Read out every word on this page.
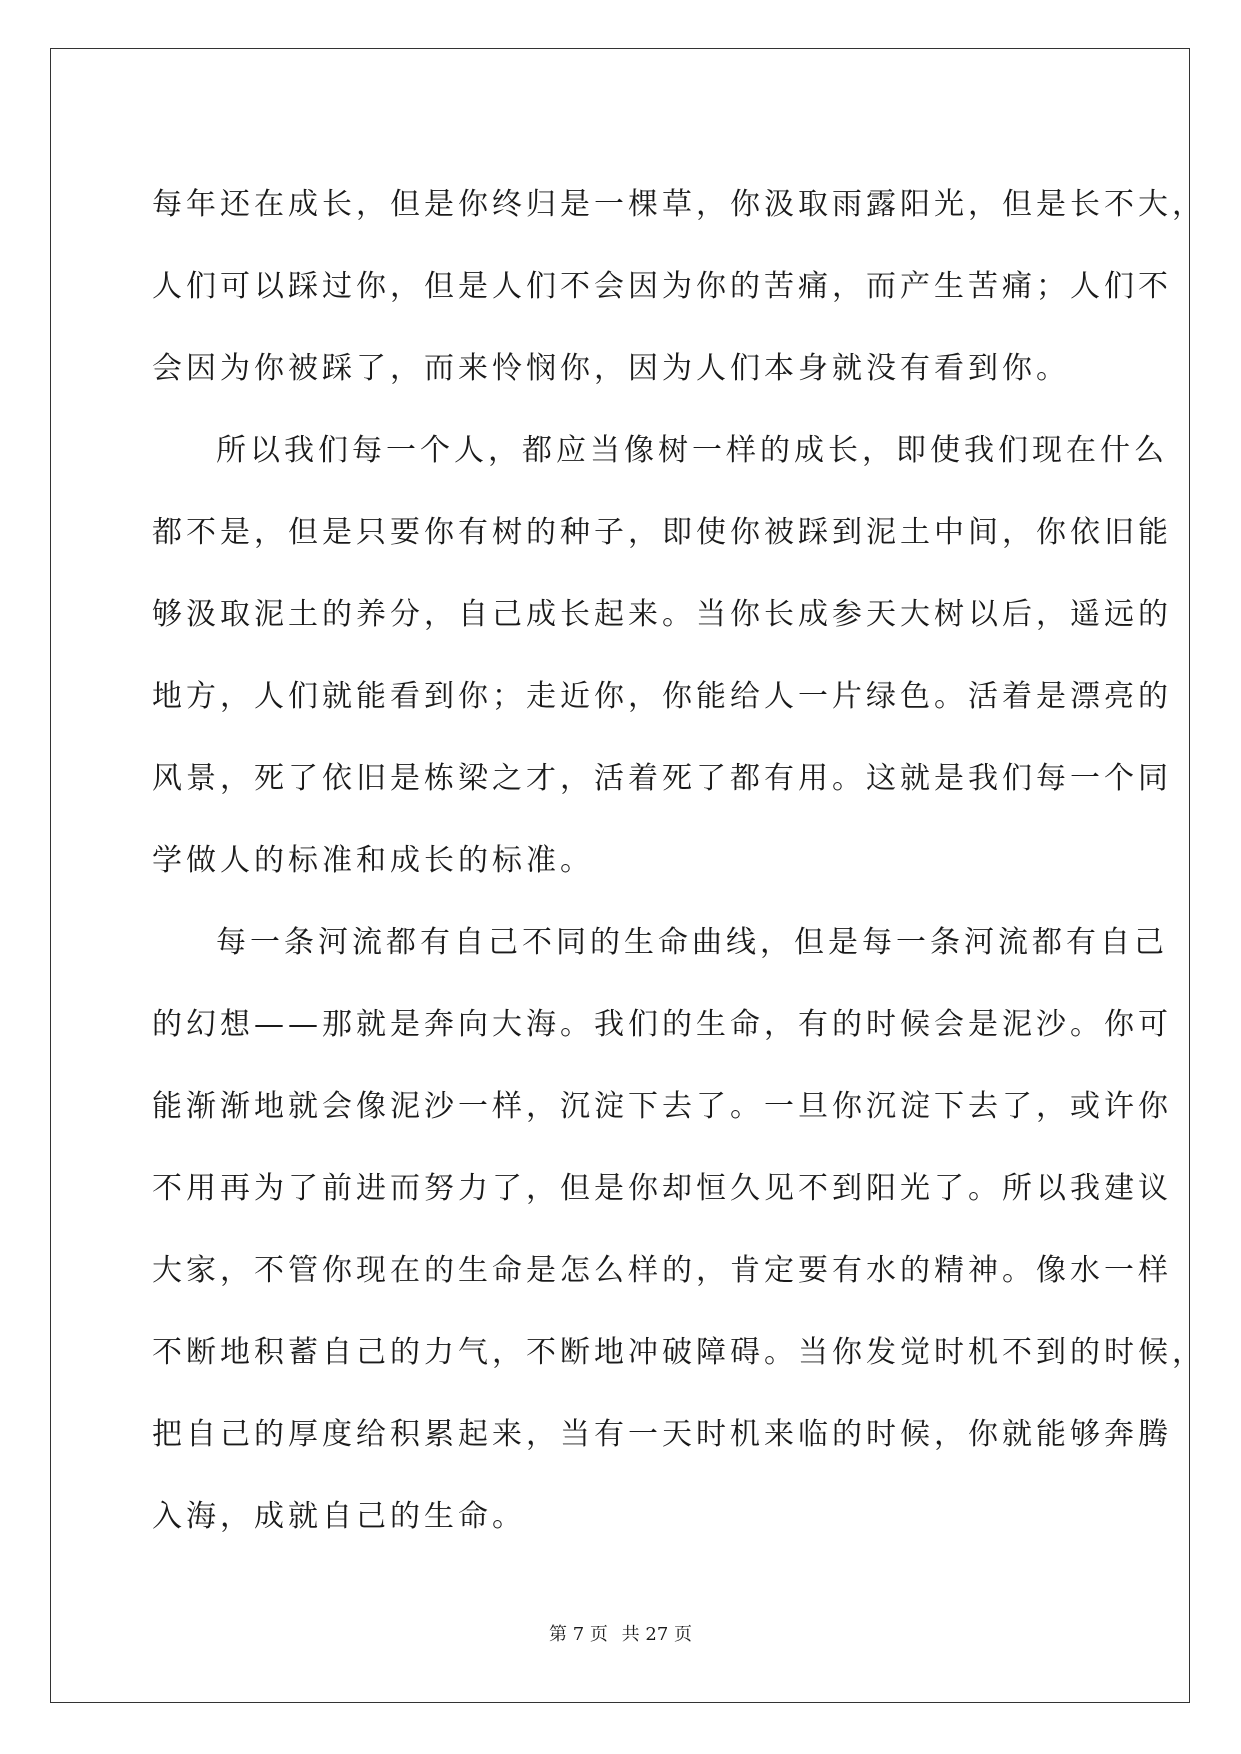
每年还在成长，但是你终归是一棵草，你汲取雨露阳光，但是长不大，
人们可以踩过你，但是人们不会因为你的苦痛，而产生苦痛；人们不
会因为你被踩了，而来怜悯你，因为人们本身就没有看到你。
所以我们每一个人，都应当像树一样的成长，即使我们现在什么
都不是，但是只要你有树的种子，即使你被踩到泥土中间，你依旧能
够汲取泥土的养分，自己成长起来。当你长成参天大树以后，遥远的
地方，人们就能看到你；走近你，你能给人一片绿色。活着是漂亮的
风景，死了依旧是栋梁之才，活着死了都有用。这就是我们每一个同
学做人的标准和成长的标准。
每一条河流都有自己不同的生命曲线，但是每一条河流都有自己
的幻想——那就是奔向大海。我们的生命，有的时候会是泥沙。你可
能渐渐地就会像泥沙一样，沉淀下去了。一旦你沉淀下去了，或许你
不用再为了前进而努力了，但是你却恒久见不到阳光了。所以我建议
大家，不管你现在的生命是怎么样的，肯定要有水的精神。像水一样
不断地积蓄自己的力气，不断地冲破障碍。当你发觉时机不到的时候，
把自己的厚度给积累起来，当有一天时机来临的时候，你就能够奔腾
入海，成就自己的生命。
第 7 页 共 27 页
